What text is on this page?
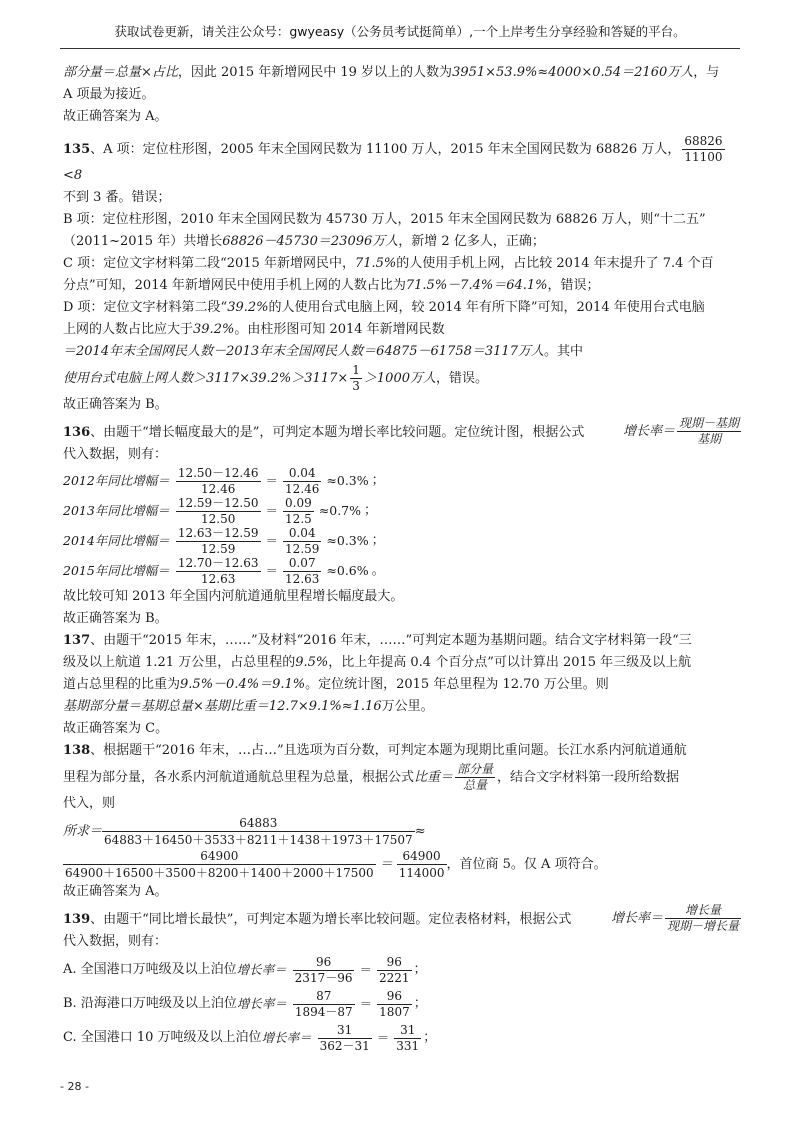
获取试卷更新，请关注公众号：gwyeasy（公务员考试挺简单）,一个上岸考生分享经验和答疑的平台。

部分量＝总量×占比，因此 2015 年新增网民中 19 岁以上的人数为3951×53.9%≈4000×0.54＝2160万人，与

A 项最为接近。

故正确答案为 A。

135、A 项：定位柱形图，2005 年末全国网民数为 11100 万人，2015 年末全国网民数为 68826 万人， $\frac{68826}{11100}$
<8

不到 3 番。错误；

B 项：定位柱形图，2010 年末全国网民数为 45730 万人，2015 年末全国网民数为 68826 万人，则“十二五”

（2011~2015 年）共增长68826－45730＝23096万人，新增 2 亿多人，正确；

C 项：定位文字材料第二段“2015 年新增网民中，71.5%的人使用手机上网，占比较 2014 年末提升了 7.4 个百

分点”可知，2014 年新增网民中使用手机上网的人数占比为71.5%－7.4%＝64.1%，错误；

D 项：定位文字材料第二段“39.2%的人使用台式电脑上网，较 2014 年有所下降”可知，2014 年使用台式电脑

上网的人数占比应大于39.2%。由柱形图可知 2014 年新增网民数

＝2014年末全国网民人数－2013年末全国网民人数＝64875－61758＝3117万人。其中

使用台式电脑上网人数$>3117\times 39.2\%>3117\times \frac{1}{3} >1000$万人 ，错误。

故正确答案为 B。

增长率＝ $\frac{\text{现期－基期}}{\text{基期}}$

136、由题干“增长幅度最大的是”，可判定本题为增长率比较问题。定位统计图，根据公式

代入数据，则有：

2012年同比增幅＝ $\frac{12.50-12.46}{12.46} = \frac{0.04}{12.46} \approx 0.3\%$ ；
2013年同比增幅＝ $\frac{12.59-12.50}{12.50} = \frac{0.09}{12.5} \approx 0.7\%$ ；
2014年同比增幅＝ $\frac{12.63-12.59}{12.59} = \frac{0.04}{12.59} \approx 0.3\%$ ；
2015年同比增幅＝ $\frac{12.70-12.63}{12.63} = \frac{0.07}{12.63} \approx 0.6\%$ 。

故比较可知 2013 年全国内河航道通航里程增长幅度最大。

故正确答案为 B。

137、由题干“2015 年末，……”及材料“2016 年末，……”可判定本题为基期问题。结合文字材料第一段“三

级及以上航道 1.21 万公里，占总里程的9.5%，比上年提高 0.4 个百分点”可以计算出 2015 年三级及以上航

道占总里程的比重为9.5%－0.4%＝9.1%。定位统计图，2015 年总里程为 12.70 万公里。则

基期部分量＝基期总量×基期比重＝12.7×9.1%≈1.16万公里。

故正确答案为 C。

138、根据题干“2016 年末，…占…”且选项为百分数，可判定本题为现期比重问题。长江水系内河航道通航

里程为部分量，各水系内河航道通航总里程为总量，根据公式 比重＝ $\frac{\text{部分量}}{\text{总量}}$ ，结合文字材料第一段所给数据

代入，则

所求＝ $\frac{64883}{64883+16450+3533+8211+1438+1973+17507}$ ≈
$\frac{64900}{64900+16500+3500+8200+1400+2000+17500} = \frac{64900}{114000}$ ，首位商 5。仅 A 项符合。

故正确答案为 A。

增长率＝ $\frac{\text{增长量}}{\text{现期－增长量}}$

139、由题干“同比增长最快”，可判定本题为增长率比较问题。定位表格材料，根据公式

代入数据，则有：

A. 全国港口万吨级及以上泊位 增长率＝ $\frac{96}{2317-96} = \frac{96}{2221}$ ；
B. 沿海港口万吨级及以上泊位 增长率＝ $\frac{87}{1894-87} = \frac{96}{1807}$ ；
C. 全国港口 10 万吨级及以上泊位 增长率＝ $\frac{31}{362-31} = \frac{31}{331}$ ；
- 28 -
